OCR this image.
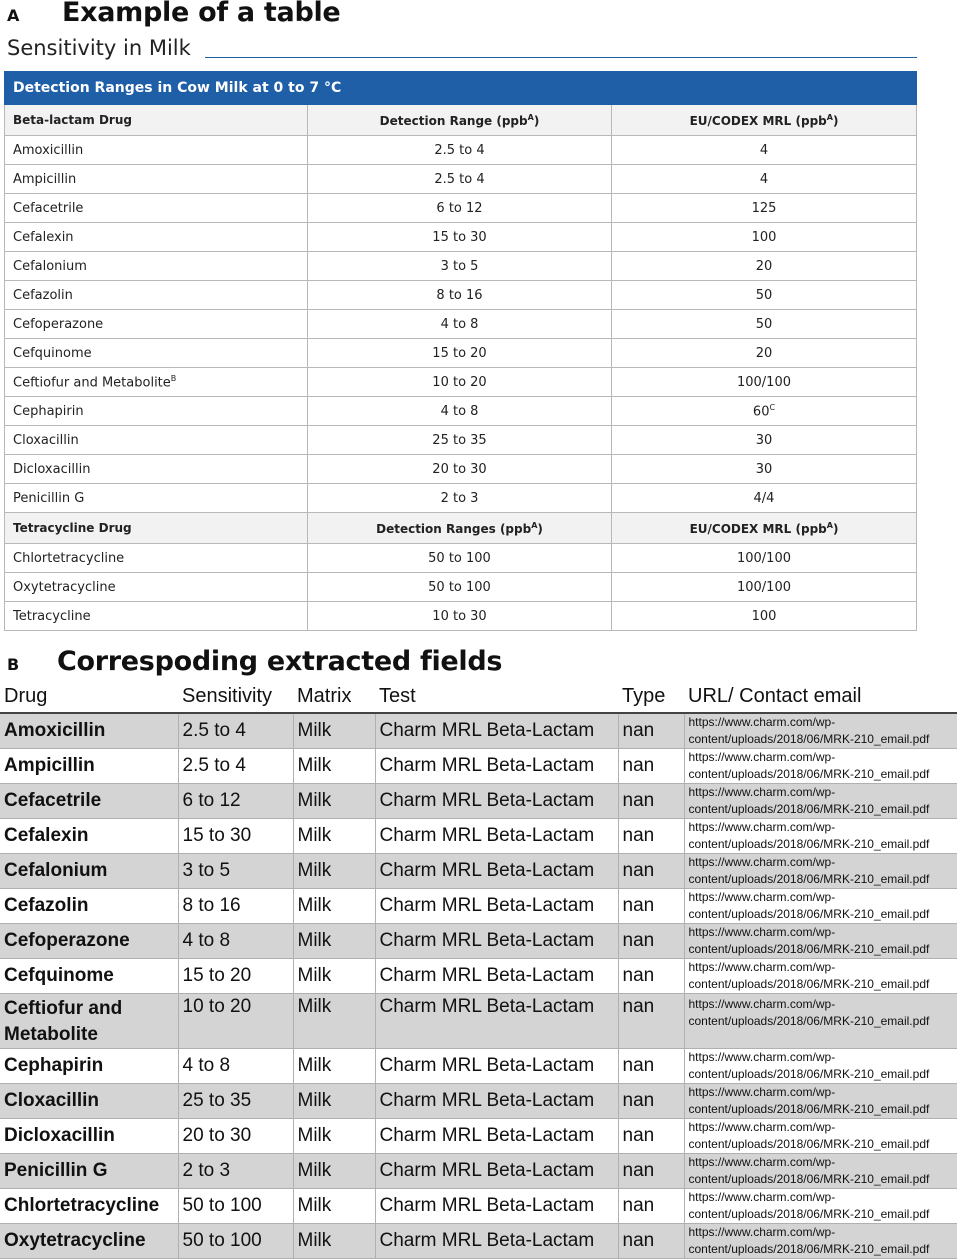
A Example of a table
Sensitivity in Milk
Detection Ranges in Cow Milk at 0 to 7 °C		
Beta-lactam Drug	Detection Range (ppb$^A$)	EU/CODEX MRL (ppb$^A$)
Amoxicillin	2.5 to 4	4
Ampicillin	2.5 to 4	4
Cefacetrile	6 to 12	125
Cefalexin	15 to 30	100
Cefalonium	3 to 5	20
Cefazolin	8 to 16	50
Cefoperazone	4 to 8	50
Cefquinome	15 to 20	20
Ceftiofur and Metabolite$^B$	10 to 20	100/100
Cephapirin	4 to 8	$60^C$
Cloxacillin	25 to 35	30
Dicloxacillin	20 to 30	30
Penicillin G	2 to 3	4/4
Tetracycline Drug	Detection Ranges (ppb$^A$)	EU/CODEX MRL (ppb$^A$)
Chlortetracycline	50 to 100	100/100
Oxytetracycline	50 to 100	100/100
Tetracycline	10 to 30	100
B Correspoding extracted fields
Drug	Sensitivity	Matrix	Test	Type	URL/ Contact email
Amoxicillin	2.5 to 4	Milk	Charm MRL Beta-Lactam	nan	https://www.charm.com/wp-
content/uploads/2018/06/MRK-210_email.pdf

Ampicillin	2.5 to 4	Milk	Charm MRL Beta-Lactam	nan	https://www.charm.com/wp-
content/uploads/2018/06/MRK-210_email.pdf

Cefacetrile	6 to 12	Milk	Charm MRL Beta-Lactam	nan	https://www.charm.com/wp-
content/uploads/2018/06/MRK-210_email.pdf

Cefalexin	15 to 30	Milk	Charm MRL Beta-Lactam	nan	https://www.charm.com/wp-
content/uploads/2018/06/MRK-210_email.pdf

Cefalonium	3 to 5	Milk	Charm MRL Beta-Lactam	nan	https://www.charm.com/wp-
content/uploads/2018/06/MRK-210_email.pdf

Cefazolin	8 to 16	Milk	Charm MRL Beta-Lactam	nan	https://www.charm.com/wp-
content/uploads/2018/06/MRK-210_email.pdf

Cefoperazone	4 to 8	Milk	Charm MRL Beta-Lactam	nan	https://www.charm.com/wp-
content/uploads/2018/06/MRK-210_email.pdf

Cefquinome	15 to 20	Milk	Charm MRL Beta-Lactam	nan	https://www.charm.com/wp-
content/uploads/2018/06/MRK-210_email.pdf

Ceftiofur and Metabolite	10 to 20	Milk	Charm MRL Beta-Lactam	nan	https://www.charm.com/wp-
content/uploads/2018/06/MRK-210_email.pdf

Cephapirin	4 to 8	Milk	Charm MRL Beta-Lactam	nan	https://www.charm.com/wp-
content/uploads/2018/06/MRK-210_email.pdf

Cloxacillin	25 to 35	Milk	Charm MRL Beta-Lactam	nan	https://www.charm.com/wp-
content/uploads/2018/06/MRK-210_email.pdf

Dicloxacillin	20 to 30	Milk	Charm MRL Beta-Lactam	nan	https://www.charm.com/wp-
content/uploads/2018/06/MRK-210_email.pdf

Penicillin G	2 to 3	Milk	Charm MRL Beta-Lactam	nan	https://www.charm.com/wp-
content/uploads/2018/06/MRK-210_email.pdf

Chlortetracycline	50 to 100	Milk	Charm MRL Beta-Lactam	nan	https://www.charm.com/wp-
content/uploads/2018/06/MRK-210_email.pdf

Oxytetracycline	50 to 100	Milk	Charm MRL Beta-Lactam	nan	https://www.charm.com/wp-
content/uploads/2018/06/MRK-210_email.pdf
